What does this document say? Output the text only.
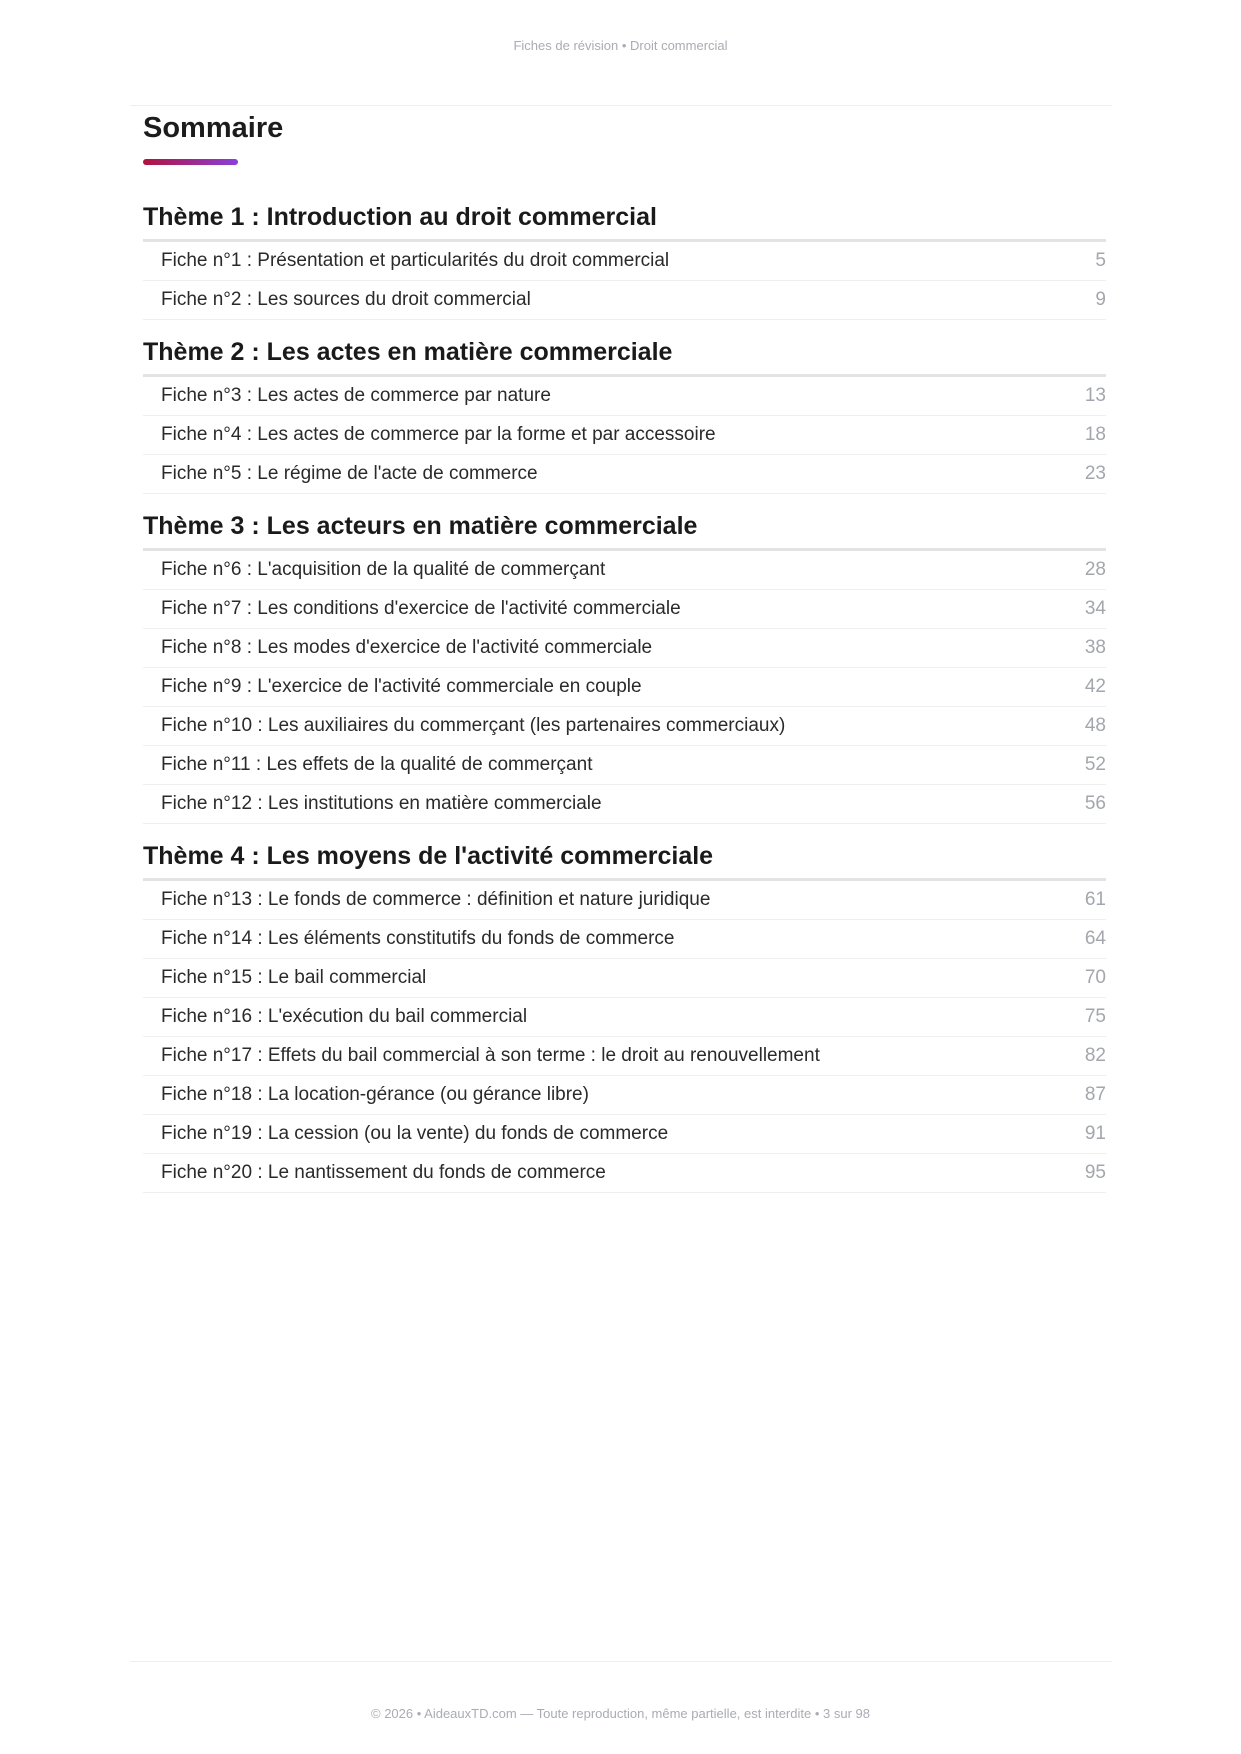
Fiches de révision • Droit commercial
Sommaire
Thème 1 : Introduction au droit commercial
Fiche n°1 : Présentation et particularités du droit commercial	5
Fiche n°2 : Les sources du droit commercial	9
Thème 2 : Les actes en matière commerciale
Fiche n°3 : Les actes de commerce par nature	13
Fiche n°4 : Les actes de commerce par la forme et par accessoire	18
Fiche n°5 : Le régime de l'acte de commerce	23
Thème 3 : Les acteurs en matière commerciale
Fiche n°6 : L'acquisition de la qualité de commerçant	28
Fiche n°7 : Les conditions d'exercice de l'activité commerciale	34
Fiche n°8 : Les modes d'exercice de l'activité commerciale	38
Fiche n°9 : L'exercice de l'activité commerciale en couple	42
Fiche n°10 : Les auxiliaires du commerçant (les partenaires commerciaux)	48
Fiche n°11 : Les effets de la qualité de commerçant	52
Fiche n°12 : Les institutions en matière commerciale	56
Thème 4 : Les moyens de l'activité commerciale
Fiche n°13 : Le fonds de commerce : définition et nature juridique	61
Fiche n°14 : Les éléments constitutifs du fonds de commerce	64
Fiche n°15 : Le bail commercial	70
Fiche n°16 : L'exécution du bail commercial	75
Fiche n°17 : Effets du bail commercial à son terme : le droit au renouvellement	82
Fiche n°18 : La location-gérance (ou gérance libre)	87
Fiche n°19 : La cession (ou la vente) du fonds de commerce	91
Fiche n°20 : Le nantissement du fonds de commerce	95
© 2026 • AideauxTD.com — Toute reproduction, même partielle, est interdite • 3 sur 98
